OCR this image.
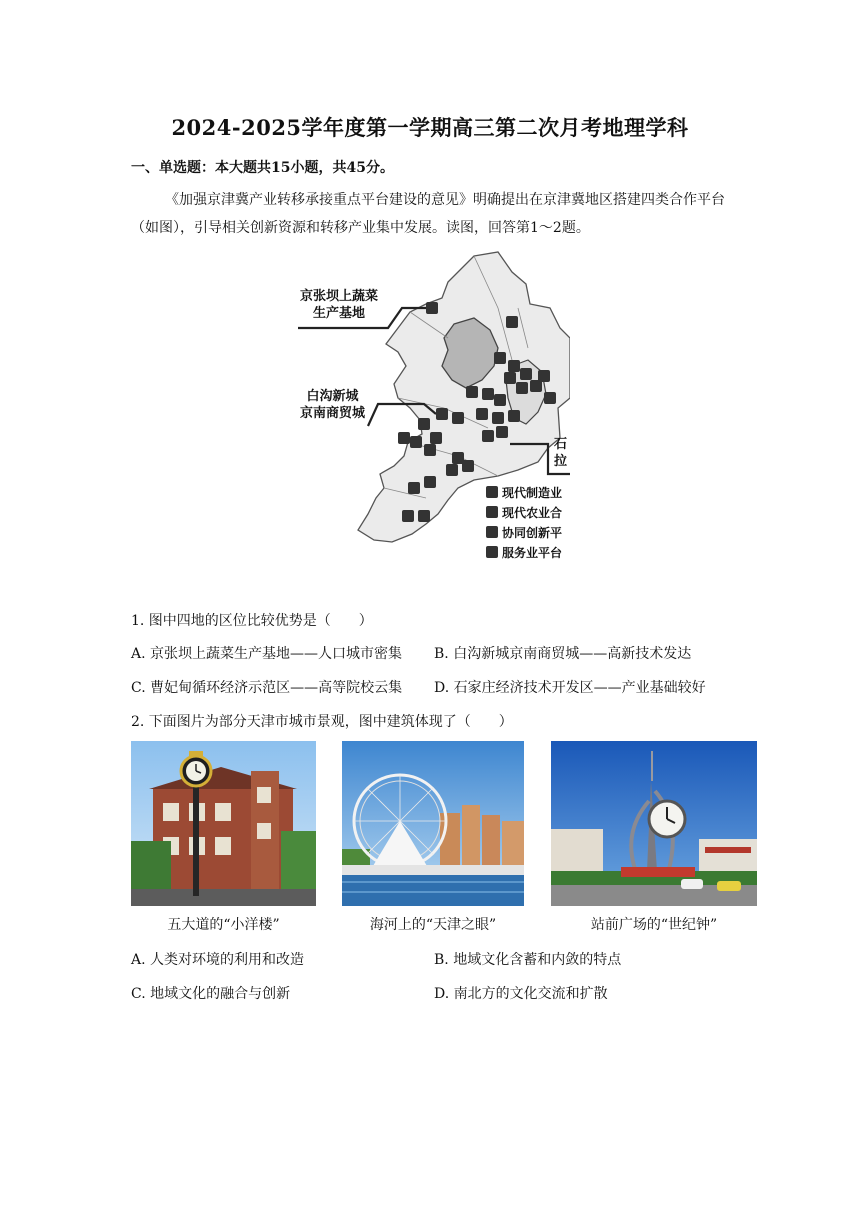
2024-2025学年度第一学期高三第二次月考地理学科
一、单选题：本大题共15小题，共45分。
《加强京津冀产业转移承接重点平台建设的意见》明确提出在京津冀地区搭建四类合作平台（如图），引导相关创新资源和转移产业集中发展。读图，回答第1～2题。
京张坝上蔬菜
生产基地
白沟新城
京南商贸城
石
拉
现代制造业
现代农业合
协同创新平
服务业平台
1. 图中四地的区位比较优势是（　　）
A. 京张坝上蔬菜生产基地——人口城市密集 B. 白沟新城京南商贸城——高新技术发达
C. 曹妃甸循环经济示范区——高等院校云集 D. 石家庄经济技术开发区——产业基础较好
2. 下面图片为部分天津市城市景观，图中建筑体现了（　　）
五大道的“小洋楼”	海河上的“天津之眼”	站前广场的“世纪钟”
A. 人类对环境的利用和改造	B. 地域文化含蓄和内敛的特点
C. 地域文化的融合与创新	D. 南北方的文化交流和扩散
